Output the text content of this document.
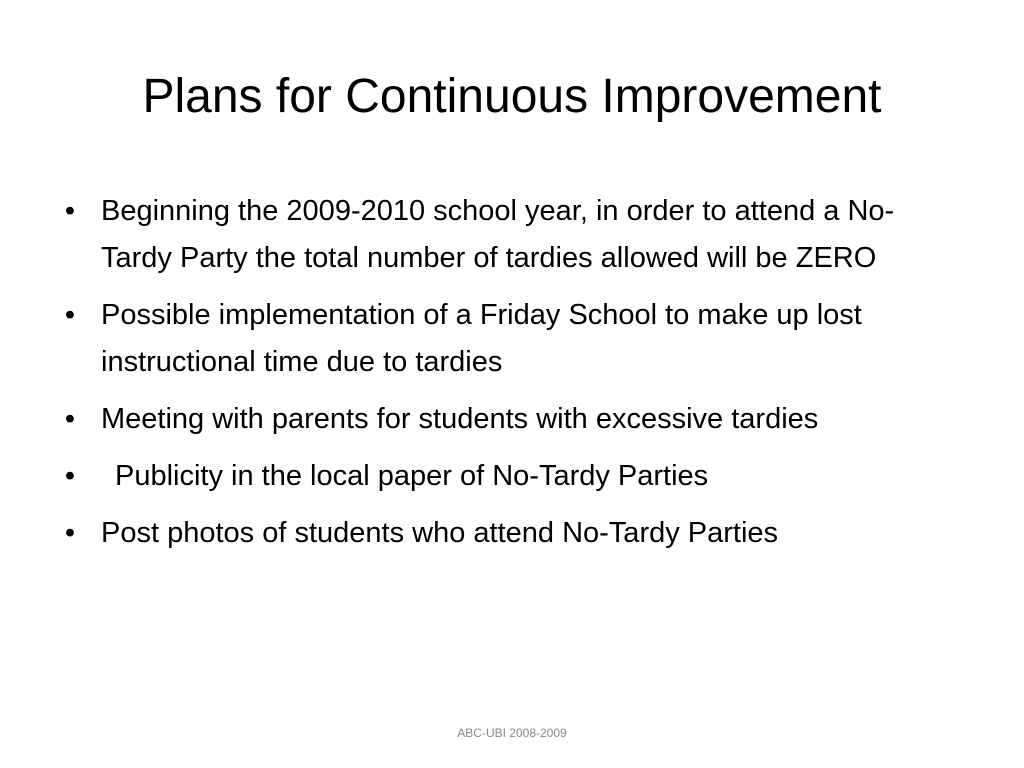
Plans for Continuous Improvement
• Beginning the 2009-2010 school year, in order to attend a No-Tardy Party the total number of tardies allowed will be ZERO
• Possible implementation of a Friday School to make up lost instructional time due to tardies
• Meeting with parents for students with excessive tardies
• Publicity in the local paper of No-Tardy Parties
• Post photos of students who attend No-Tardy Parties
ABC-UBI 2008-2009
